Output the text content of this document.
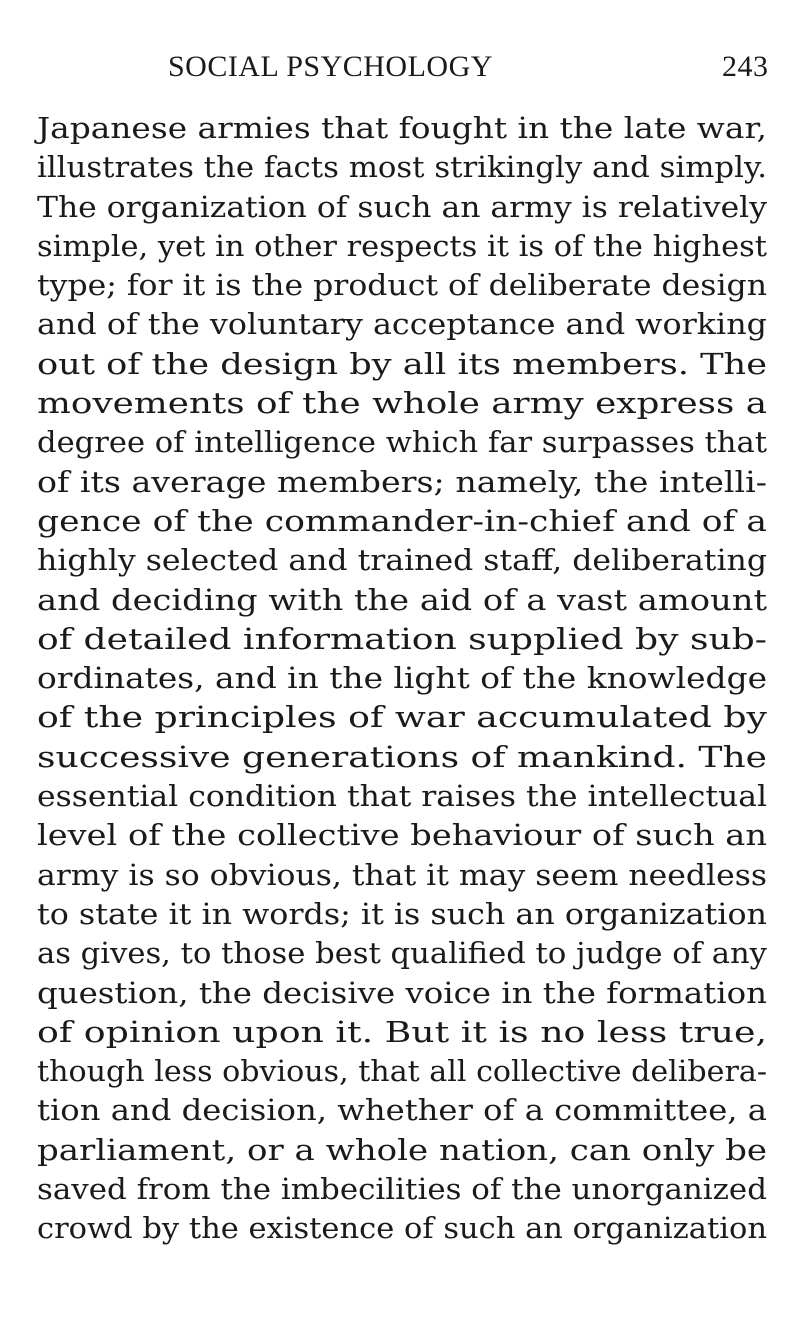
SOCIAL PSYCHOLOGY	243
Japanese armies that fought in the late war,
illustrates the facts most strikingly and simply.
The organization of such an army is relatively
simple, yet in other respects it is of the highest
type; for it is the product of deliberate design
and of the voluntary acceptance and working
out of the design by all its members. The
movements of the whole army express a
degree of intelligence which far surpasses that
of its average members; namely, the intelli-
gence of the commander-in-chief and of a
highly selected and trained staff, deliberating
and deciding with the aid of a vast amount
of detailed information supplied by sub-
ordinates, and in the light of the knowledge
of the principles of war accumulated by
successive generations of mankind. The
essential condition that raises the intellectual
level of the collective behaviour of such an
army is so obvious, that it may seem needless
to state it in words; it is such an organization
as gives, to those best qualified to judge of any
question, the decisive voice in the formation
of opinion upon it. But it is no less true,
though less obvious, that all collective delibera-
tion and decision, whether of a committee, a
parliament, or a whole nation, can only be
saved from the imbecilities of the unorganized
crowd by the existence of such an organization
